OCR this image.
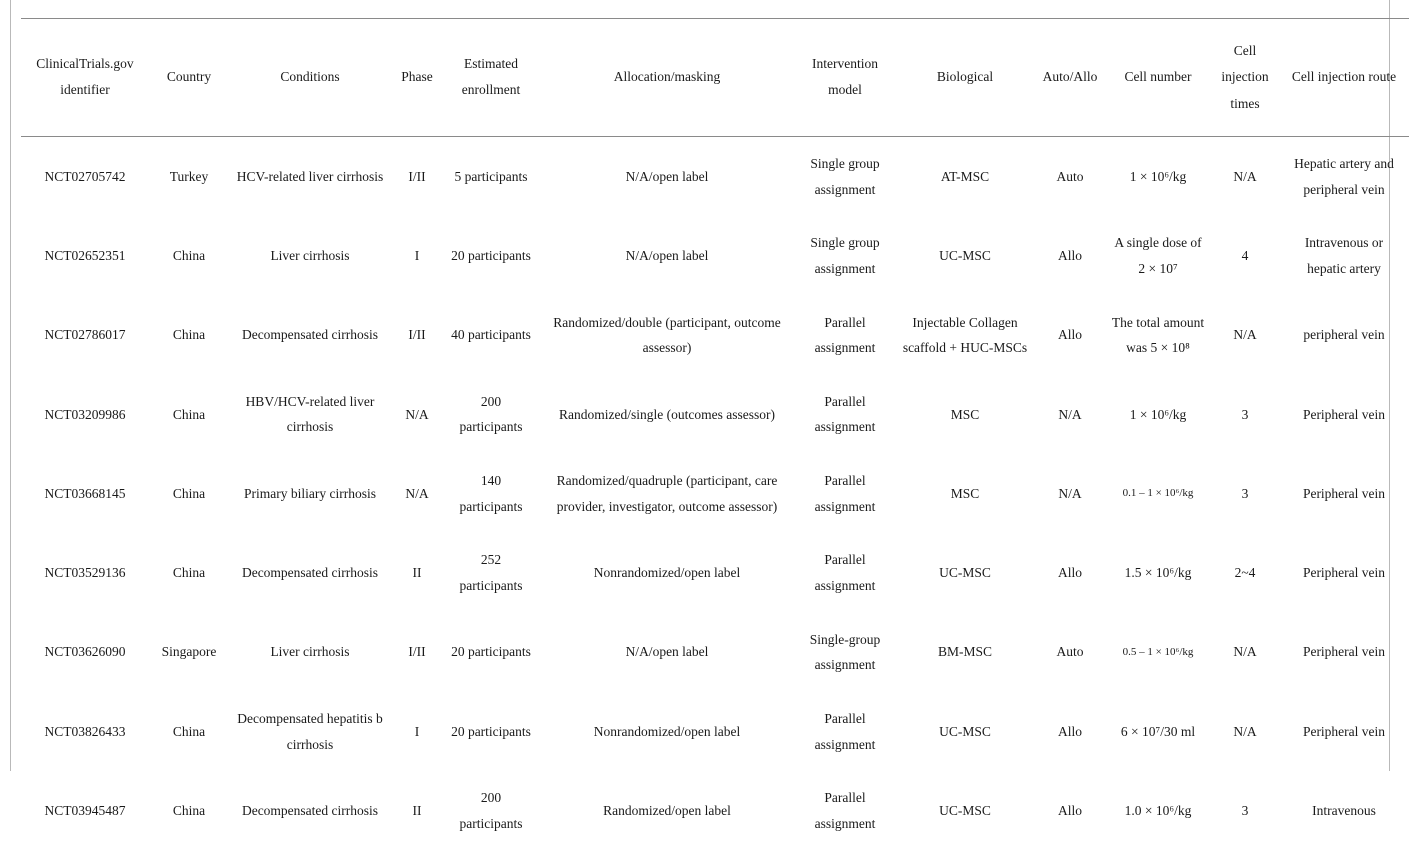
ClinicalTrials.gov identifier	Country	Conditions	Phase	Estimated enrollment	Allocation/masking	Intervention model	Biological	Auto/Allo	Cell number	Cell injection times	Cell injection route
NCT02705742	Turkey	HCV-related liver cirrhosis	I/II	5 participants	N/A/open label	Single group assignment	AT-MSC	Auto	1 × 10⁶/kg	N/A	Hepatic artery and peripheral vein
NCT02652351	China	Liver cirrhosis	I	20 participants	N/A/open label	Single group assignment	UC-MSC	Allo	A single dose of 2 × 10⁷	4	Intravenous or hepatic artery
NCT02786017	China	Decompensated cirrhosis	I/II	40 participants	Randomized/double (participant, outcome assessor)	Parallel assignment	Injectable Collagen scaffold + HUC-MSCs	Allo	The total amount was 5 × 10⁸	N/A	peripheral vein
NCT03209986	China	HBV/HCV-related liver cirrhosis	N/A	200 participants	Randomized/single (outcomes assessor)	Parallel assignment	MSC	N/A	1 × 10⁶/kg	3	Peripheral vein
NCT03668145	China	Primary biliary cirrhosis	N/A	140 participants	Randomized/quadruple (participant, care provider, investigator, outcome assessor)	Parallel assignment	MSC	N/A	0.1 – 1 × 10⁶/kg	3	Peripheral vein
NCT03529136	China	Decompensated cirrhosis	II	252 participants	Nonrandomized/open label	Parallel assignment	UC-MSC	Allo	1.5 × 10⁶/kg	2~4	Peripheral vein
NCT03626090	Singapore	Liver cirrhosis	I/II	20 participants	N/A/open label	Single-group assignment	BM-MSC	Auto	0.5 – 1 × 10⁶/kg	N/A	Peripheral vein
NCT03826433	China	Decompensated hepatitis b cirrhosis	I	20 participants	Nonrandomized/open label	Parallel assignment	UC-MSC	Allo	6 × 10⁷/30 ml	N/A	Peripheral vein
NCT03945487	China	Decompensated cirrhosis	II	200 participants	Randomized/open label	Parallel assignment	UC-MSC	Allo	1.0 × 10⁶/kg	3	Intravenous
